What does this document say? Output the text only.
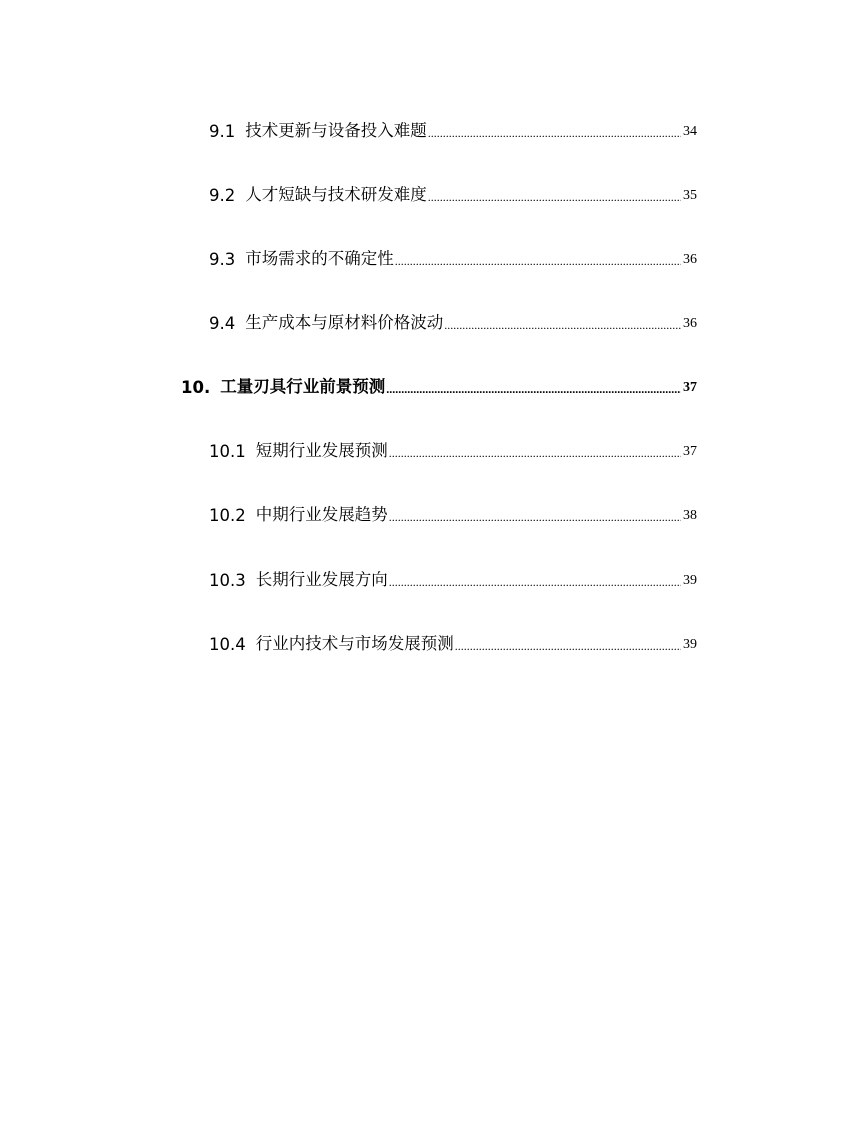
9.1 技术更新与设备投入难题 .....	34
9.2 人才短缺与技术研发难度 .....	35
9.3 市场需求的不确定性 .....	36
9.4 生产成本与原材料价格波动 .....	36
10. 工量刃具行业前景预测 .....	37
10.1 短期行业发展预测 .....	37
10.2 中期行业发展趋势 .....	38
10.3 长期行业发展方向 .....	39
10.4 行业内技术与市场发展预测 .....	39
